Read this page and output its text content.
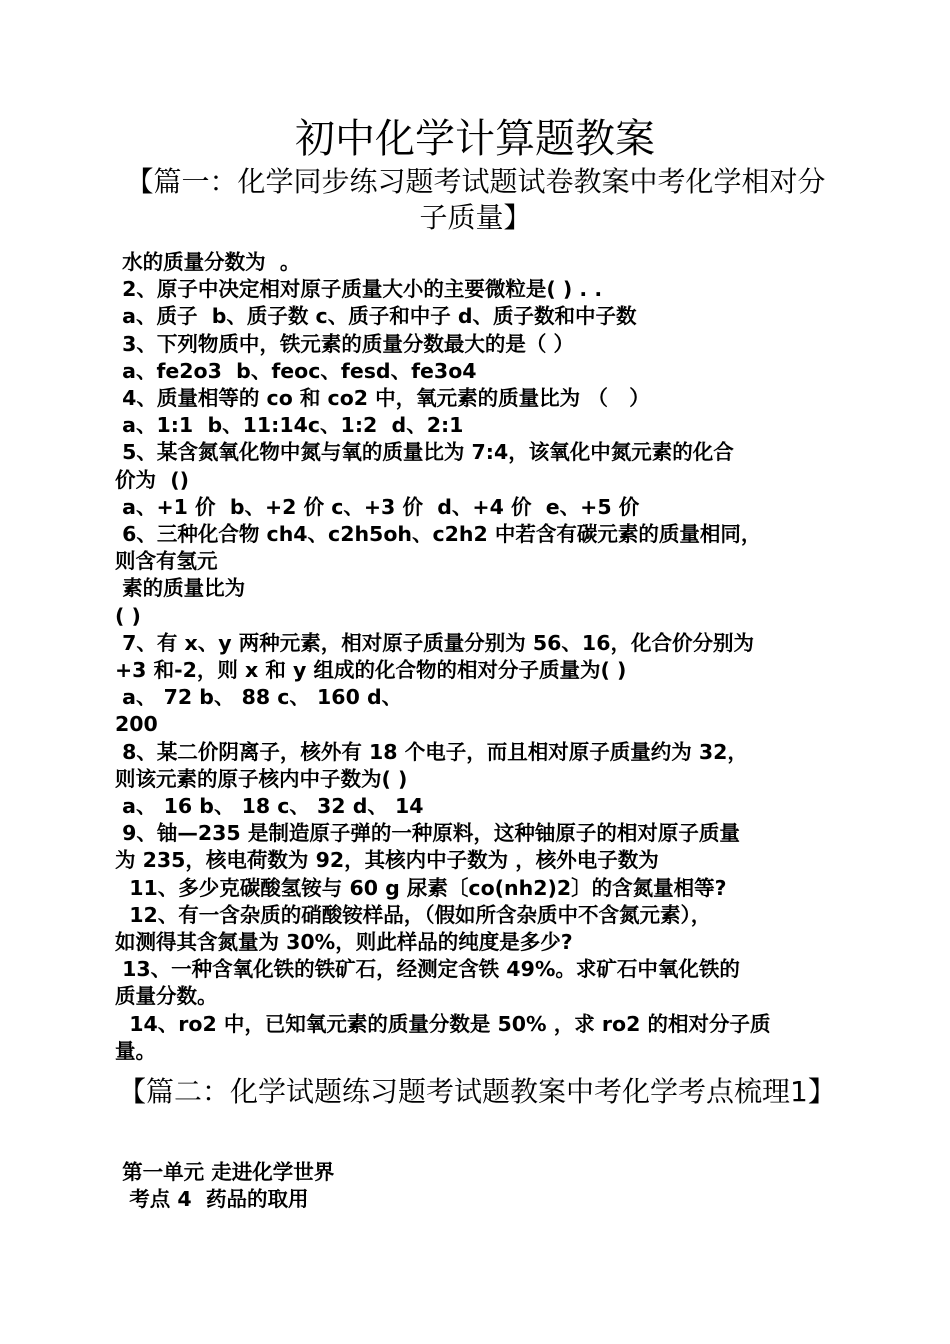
初中化学计算题教案
【篇一：化学同步练习题考试题试卷教案中考化学相对分子质量】
水的质量分数为  。
2、原子中决定相对原子质量大小的主要微粒是( ) . .
a、质子  b、质子数 c、质子和中子 d、质子数和中子数
3、下列物质中，铁元素的质量分数最大的是（ ）
a、fe2o3  b、feoc、fesd、fe3o4
4、质量相等的 co 和 co2 中，氧元素的质量比为 （   ）
a、1:1  b、11:14c、1:2  d、2:1
5、某含氮氧化物中氮与氧的质量比为 7:4，该氧化中氮元素的化合
价为  ()
a、+1 价  b、+2 价 c、+3 价  d、+4 价  e、+5 价
6、三种化合物 ch4、c2h5oh、c2h2 中若含有碳元素的质量相同，
则含有氢元
素的质量比为
( )
7、有 x、y 两种元素，相对原子质量分别为 56、16，化合价分别为
+3 和-2，则 x 和 y 组成的化合物的相对分子质量为( )
a、 72 b、 88 c、 160 d、
200
8、某二价阴离子，核外有 18 个电子，而且相对原子质量约为 32，
则该元素的原子核内中子数为( )
a、 16 b、 18 c、 32 d、 14
9、铀—235 是制造原子弹的一种原料，这种铀原子的相对原子质量
为 235，核电荷数为 92，其核内中子数为 ，核外电子数为
11、多少克碳酸氢铵与 60 g 尿素〔co(nh2)2〕的含氮量相等?
12、有一含杂质的硝酸铵样品，（假如所含杂质中不含氮元素），
如测得其含氮量为 30%，则此样品的纯度是多少?
13、一种含氧化铁的铁矿石，经测定含铁 49%。求矿石中氧化铁的
质量分数。
14、ro2 中，已知氧元素的质量分数是 50% ，求 ro2 的相对分子质
量。
【篇二：化学试题练习题考试题教案中考化学考点梳理1】
第一单元 走进化学世界
考点 4  药品的取用
